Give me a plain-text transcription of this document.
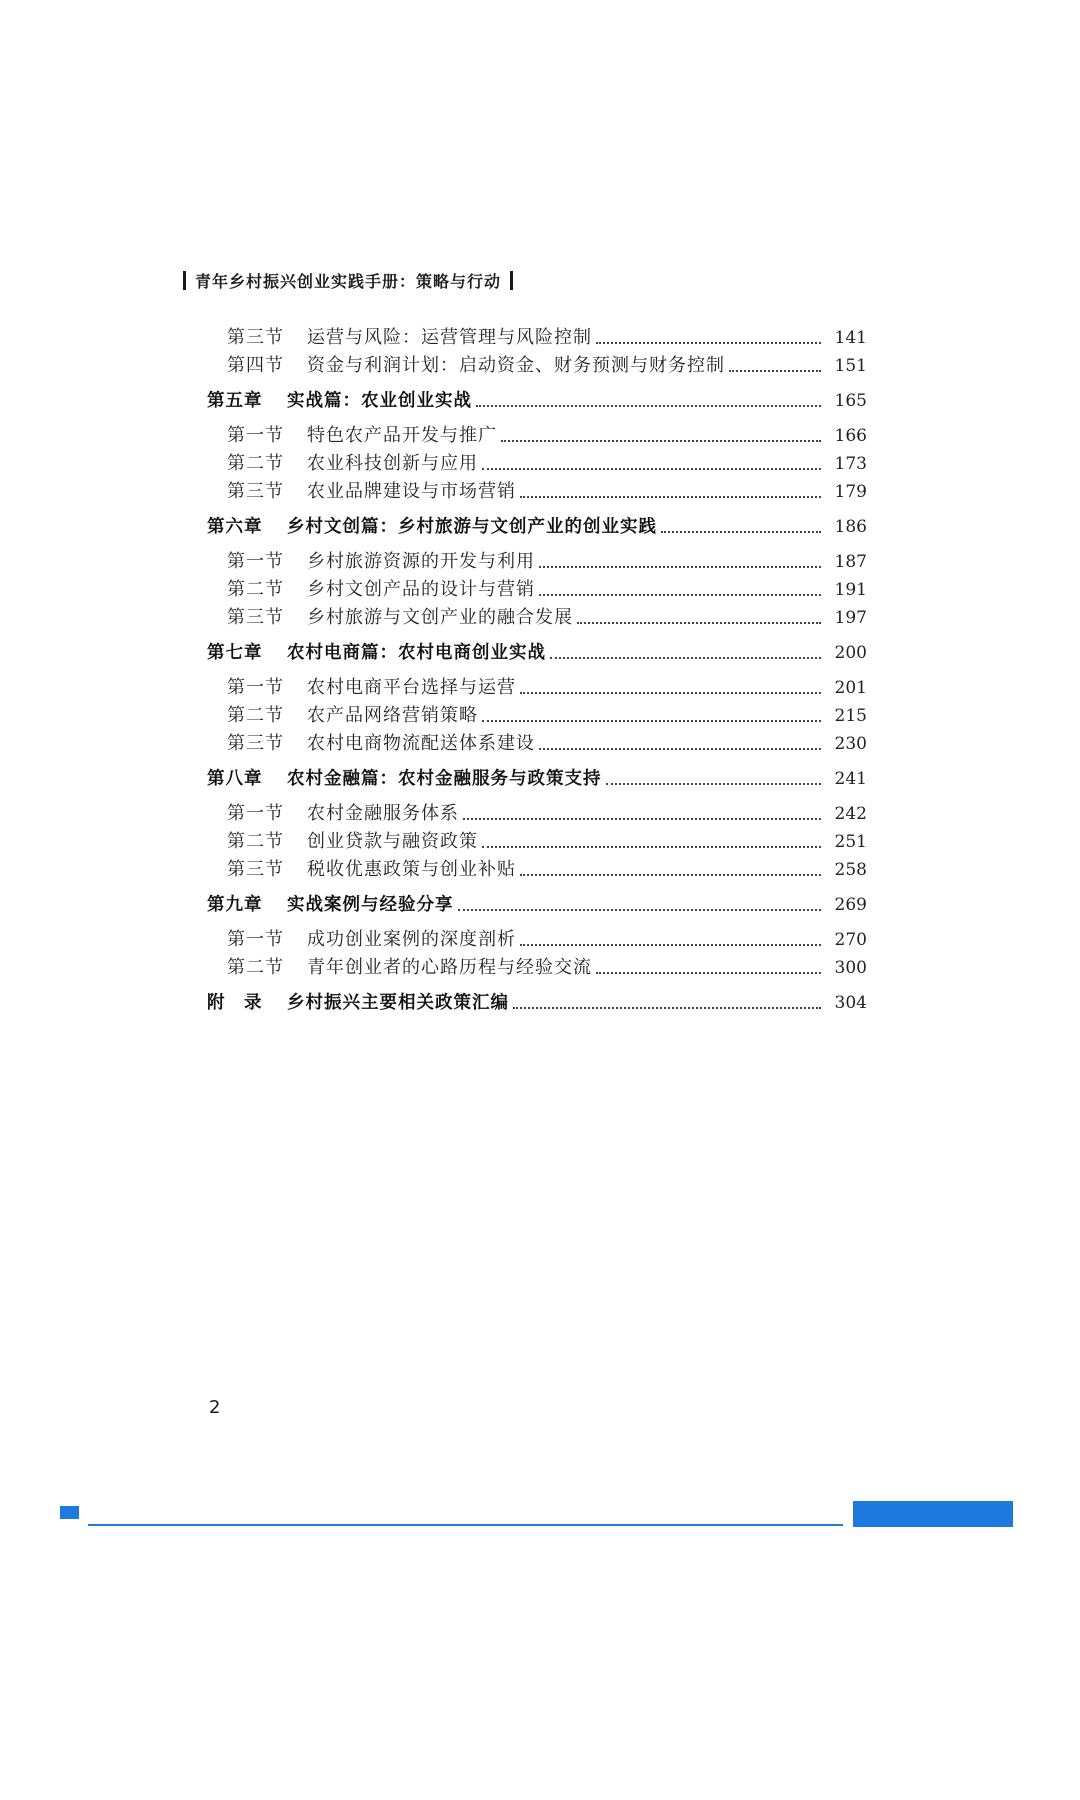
青年乡村振兴创业实践手册：策略与行动
第三节	运营与风险：运营管理与风险控制	141
第四节	资金与利润计划：启动资金、财务预测与财务控制	151
第五章	实战篇：农业创业实战	165
第一节	特色农产品开发与推广	166
第二节	农业科技创新与应用	173
第三节	农业品牌建设与市场营销	179
第六章	乡村文创篇：乡村旅游与文创产业的创业实践	186
第一节	乡村旅游资源的开发与利用	187
第二节	乡村文创产品的设计与营销	191
第三节	乡村旅游与文创产业的融合发展	197
第七章	农村电商篇：农村电商创业实战	200
第一节	农村电商平台选择与运营	201
第二节	农产品网络营销策略	215
第三节	农村电商物流配送体系建设	230
第八章	农村金融篇：农村金融服务与政策支持	241
第一节	农村金融服务体系	242
第二节	创业贷款与融资政策	251
第三节	税收优惠政策与创业补贴	258
第九章	实战案例与经验分享	269
第一节	成功创业案例的深度剖析	270
第二节	青年创业者的心路历程与经验交流	300
附　录	乡村振兴主要相关政策汇编	304
2
